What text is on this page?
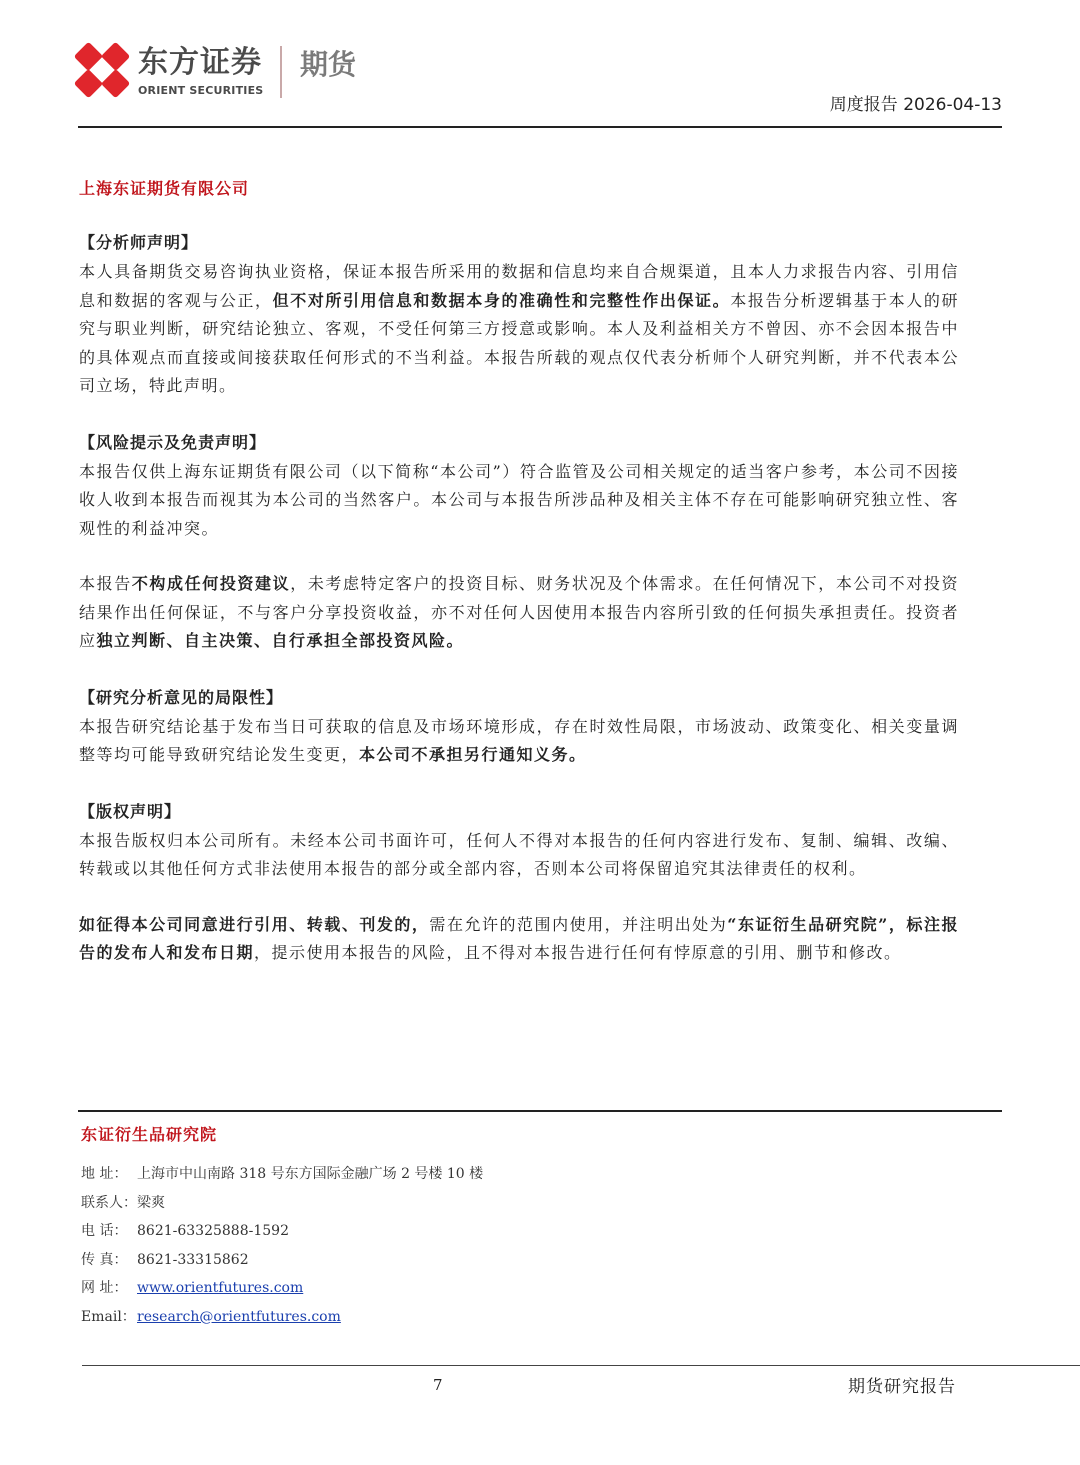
东方证券
ORIENT SECURITIES
期货
周度报告 2026-04-13
上海东证期货有限公司
【分析师声明】

本人具备期货交易咨询执业资格，保证本报告所采用的数据和信息均来自合规渠道，且本人力求报告内容、引用信息和数据的客观与公正，但不对所引用信息和数据本身的准确性和完整性作出保证。本报告分析逻辑基于本人的研究与职业判断，研究结论独立、客观，不受任何第三方授意或影响。本人及利益相关方不曾因、亦不会因本报告中的具体观点而直接或间接获取任何形式的不当利益。本报告所载的观点仅代表分析师个人研究判断，并不代表本公司立场，特此声明。

【风险提示及免责声明】

本报告仅供上海东证期货有限公司（以下简称“本公司”）符合监管及公司相关规定的适当客户参考，本公司不因接收人收到本报告而视其为本公司的当然客户。本公司与本报告所涉品种及相关主体不存在可能影响研究独立性、客观性的利益冲突。

本报告不构成任何投资建议，未考虑特定客户的投资目标、财务状况及个体需求。在任何情况下，本公司不对投资结果作出任何保证，不与客户分享投资收益，亦不对任何人因使用本报告内容所引致的任何损失承担责任。投资者应独立判断、自主决策、自行承担全部投资风险。

【研究分析意见的局限性】

本报告研究结论基于发布当日可获取的信息及市场环境形成，存在时效性局限，市场波动、政策变化、相关变量调整等均可能导致研究结论发生变更，本公司不承担另行通知义务。

【版权声明】

本报告版权归本公司所有。未经本公司书面许可，任何人不得对本报告的任何内容进行发布、复制、编辑、改编、转载或以其他任何方式非法使用本报告的部分或全部内容，否则本公司将保留追究其法律责任的权利。

如征得本公司同意进行引用、转载、刊发的，需在允许的范围内使用，并注明出处为“东证衍生品研究院”，标注报告的发布人和发布日期，提示使用本报告的风险，且不得对本报告进行任何有悖原意的引用、删节和修改。

东证衍生品研究院
地 址： 上海市中山南路 318 号东方国际金融广场 2 号楼 10 楼
联系人：梁爽
电 话： 8621-63325888-1592
传 真： 8621-33315862
网 址： www.orientfutures.com
Email：research@orientfutures.com
7	期货研究报告
